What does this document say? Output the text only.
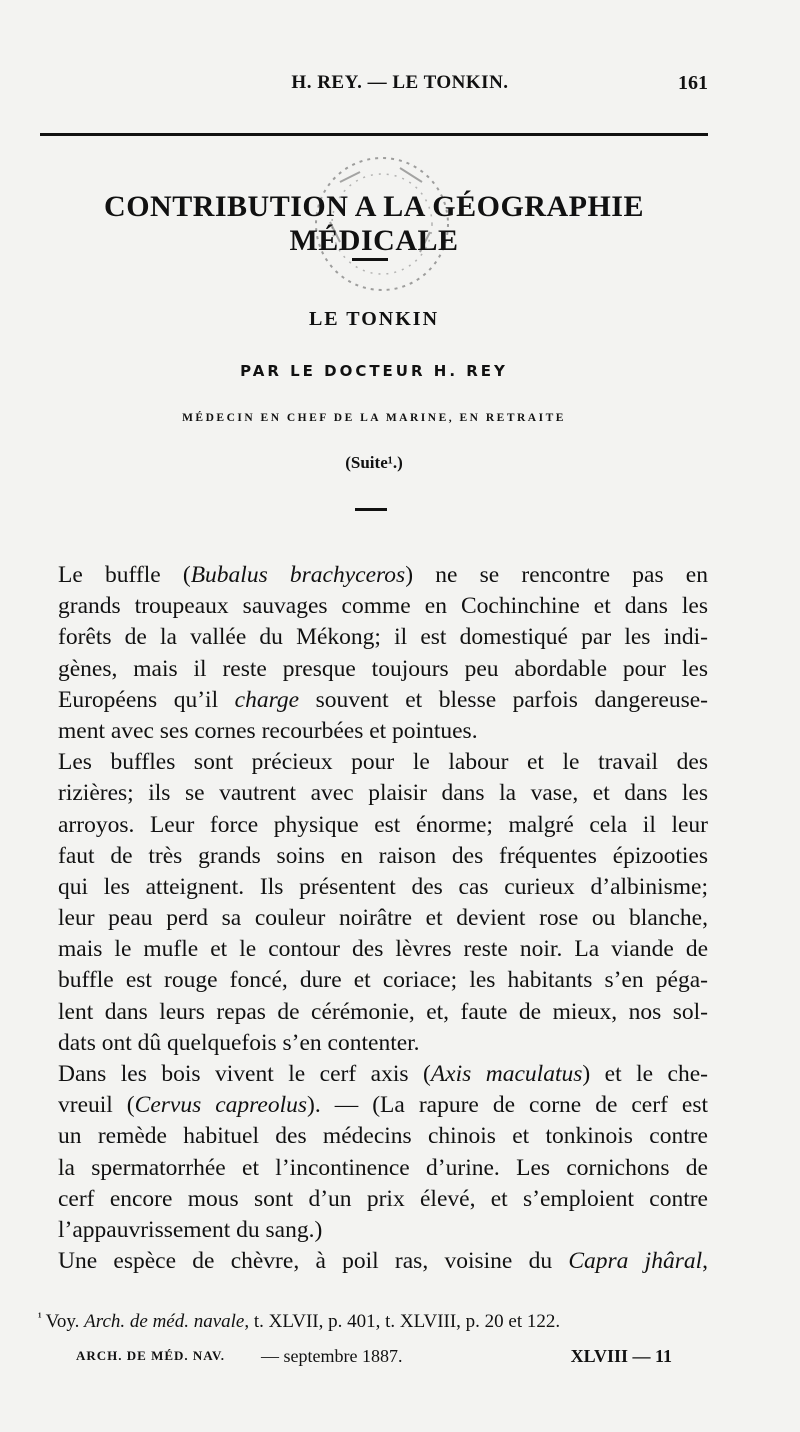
H. REY. — LE TONKIN.	161
CONTRIBUTION A LA GÉOGRAPHIE MÉDICALE
LE TONKIN
PAR LE DOCTEUR H. REY
MÉDECIN EN CHEF DE LA MARINE, EN RETRAITE
(Suite¹.)
Le buffle (Bubalus brachyceros) ne se rencontre pas en
grands troupeaux sauvages comme en Cochinchine et dans les
forêts de la vallée du Mékong; il est domestiqué par les indi-
gènes, mais il reste presque toujours peu abordable pour les
Européens qu’il charge souvent et blesse parfois dangereuse-
ment avec ses cornes recourbées et pointues.
Les buffles sont précieux pour le labour et le travail des
rizières; ils se vautrent avec plaisir dans la vase, et dans les
arroyos. Leur force physique est énorme; malgré cela il leur
faut de très grands soins en raison des fréquentes épizooties
qui les atteignent. Ils présentent des cas curieux d’albinisme;
leur peau perd sa couleur noirâtre et devient rose ou blanche,
mais le mufle et le contour des lèvres reste noir. La viande de
buffle est rouge foncé, dure et coriace; les habitants s’en péga-
lent dans leurs repas de cérémonie, et, faute de mieux, nos sol-
dats ont dû quelquefois s’en contenter.
Dans les bois vivent le cerf axis (Axis maculatus) et le che-
vreuil (Cervus capreolus). — (La rapure de corne de cerf est
un remède habituel des médecins chinois et tonkinois contre
la spermatorrhée et l’incontinence d’urine. Les cornichons de
cerf encore mous sont d’un prix élevé, et s’emploient contre
l’appauvrissement du sang.)
Une espèce de chèvre, à poil ras, voisine du Capra jhâral,
$^{^1}$ Voy. Arch. de méd. navale, t. XLVII, p. 401, t. XLVIII, p. 20 et 122.
ARCH. DE MÉD. NAV. — septembre 1887.	XLVIII — 11
